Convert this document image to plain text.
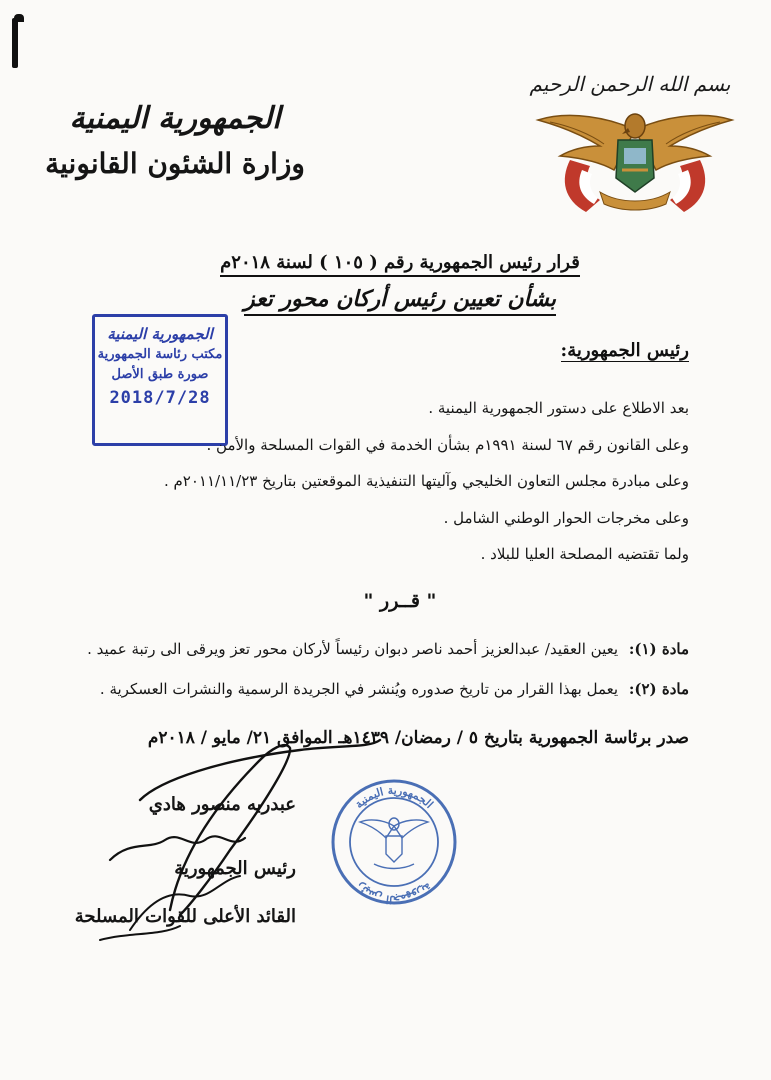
بسم الله الرحمن الرحيم
الجمهورية اليمنية
وزارة الشئون القانونية
قرار رئيس الجمهورية رقم ( ١٠٥ ) لسنة ٢٠١٨م
بشأن تعيين رئيس أركان محور تعز
الجمهورية اليمنية
مكتب رئاسة الجمهورية
صورة طبق الأصل
2018/7/28
رئيس الجمهورية:
بعد الاطلاع على دستور الجمهورية اليمنية .
وعلى القانون رقم ٦٧ لسنة ١٩٩١م بشأن الخدمة في القوات المسلحة والأمن .
وعلى مبادرة مجلس التعاون الخليجي وآليتها التنفيذية الموقعتين بتاريخ ٢٠١١/١١/٢٣م .
وعلى مخرجات الحوار الوطني الشامل .
ولما تقتضيه المصلحة العليا للبلاد .
" قــرر "
مادة (١): يعين العقيد/ عبدالعزيز أحمد ناصر دبوان رئيساً لأركان محور تعز ويرقى الى رتبة عميد .
مادة (٢): يعمل بهذا القرار من تاريخ صدوره ويُنشر في الجريدة الرسمية والنشرات العسكرية .
صدر برئاسة الجمهورية بتاريخ ٥ / رمضان/ ١٤٣٩هـ الموافق ٢١/ مايو / ٢٠١٨م
عبدربه منصور هادي
رئيس الجمهورية
القائد الأعلى للقوات المسلحة
الجمهورية اليمنية
رئيس الجمهورية
